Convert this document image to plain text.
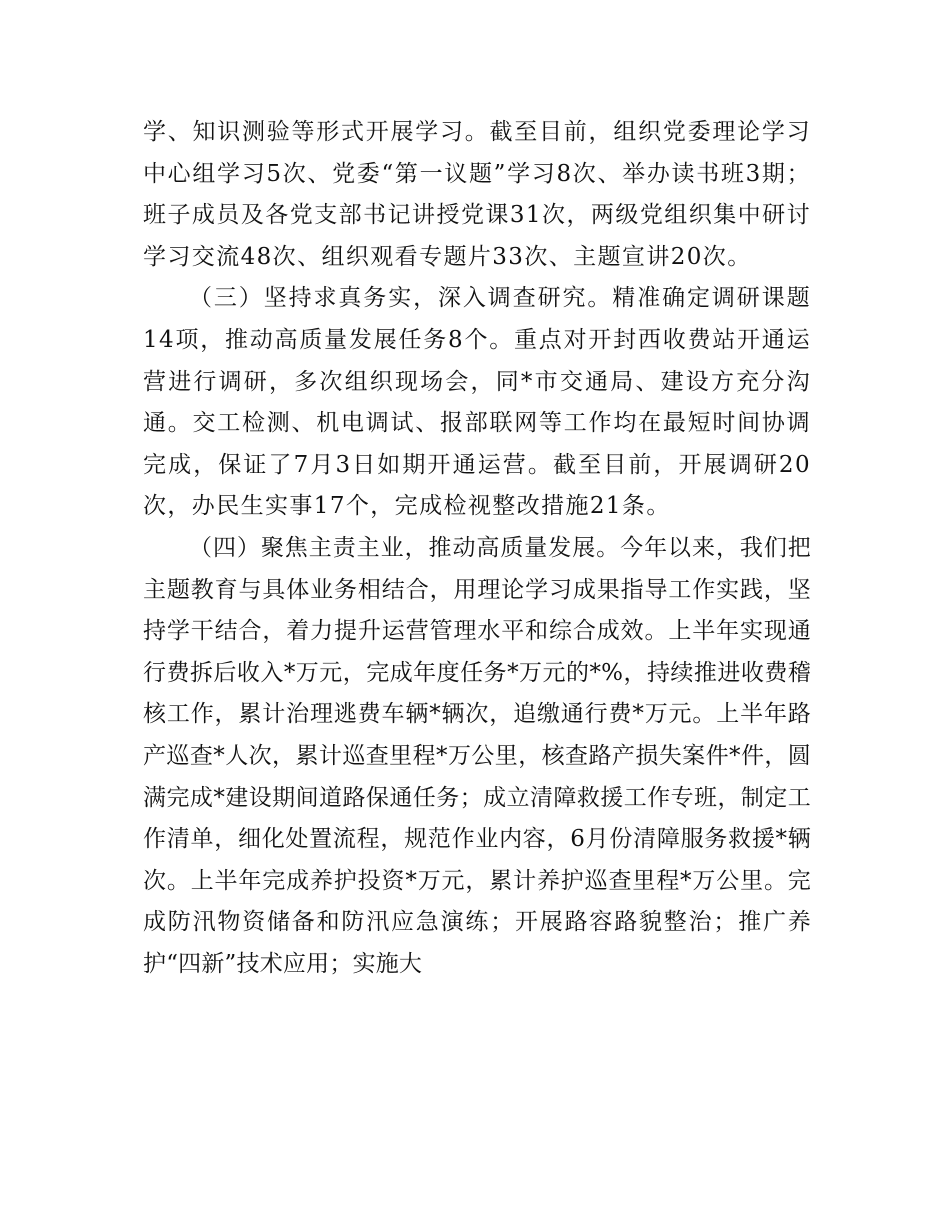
学、知识测验等形式开展学习。截至目前，组织党委理论学习中心组学习5次、党委“第一议题”学习8次、举办读书班3期；班子成员及各党支部书记讲授党课31次，两级党组织集中研讨学习交流48次、组织观看专题片33次、主题宣讲20次。

（三）坚持求真务实，深入调查研究。精准确定调研课题14项，推动高质量发展任务8个。重点对开封西收费站开通运营进行调研，多次组织现场会，同*市交通局、建设方充分沟通。交工检测、机电调试、报部联网等工作均在最短时间协调完成，保证了7月3日如期开通运营。截至目前，开展调研20次，办民生实事17个，完成检视整改措施21条。

（四）聚焦主责主业，推动高质量发展。今年以来，我们把主题教育与具体业务相结合，用理论学习成果指导工作实践，坚持学干结合，着力提升运营管理水平和综合成效。上半年实现通行费拆后收入*万元，完成年度任务*万元的*%，持续推进收费稽核工作，累计治理逃费车辆*辆次，追缴通行费*万元。上半年路产巡查*人次，累计巡查里程*万公里，核查路产损失案件*件，圆满完成*建设期间道路保通任务；成立清障救援工作专班，制定工作清单，细化处置流程，规范作业内容，6月份清障服务救援*辆次。上半年完成养护投资*万元，累计养护巡查里程*万公里。完成防汛物资储备和防汛应急演练；开展路容路貌整治；推广养护“四新”技术应用；实施大
